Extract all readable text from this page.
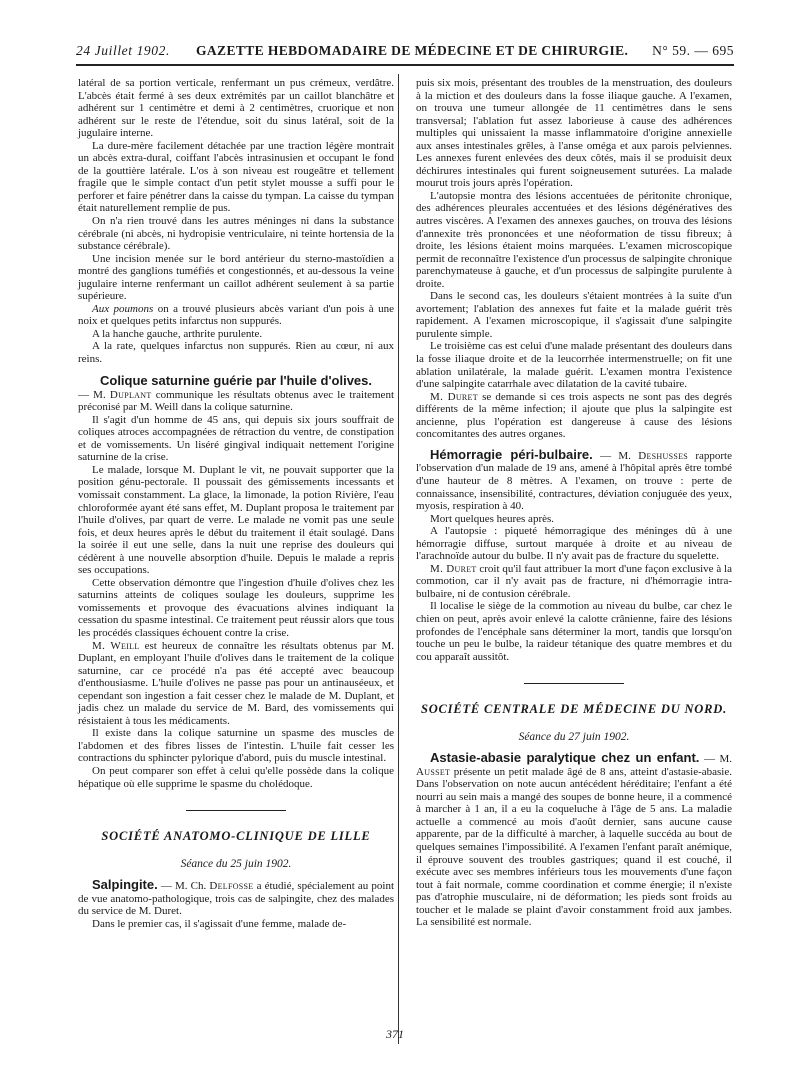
24 Juillet 1902. GAZETTE HEBDOMADAIRE DE MÉDECINE ET DE CHIRURGIE. N° 59. — 695

latéral de sa portion verticale, renfermant un pus crémeux, verdâtre. L'abcès était fermé à ses deux extrémités par un caillot blanchâtre et adhérent sur 1 centimètre et demi à 2 centimètres, cruorique et non adhérent sur le reste de l'étendue, soit du sinus latéral, soit de la jugulaire interne.

La dure-mère facilement détachée par une traction légère montrait un abcès extra-dural, coiffant l'abcès intrasinusien et occupant le fond de la gouttière latérale. L'os à son niveau est rougeâtre et tellement fragile que le simple contact d'un petit stylet mousse a suffi pour le perforer et faire pénétrer dans la caisse du tympan. La caisse du tympan était naturellement remplie de pus.

On n'a rien trouvé dans les autres méninges ni dans la substance cérébrale (ni abcès, ni hydropisie ventriculaire, ni teinte hortensia de la substance cérébrale).

Une incision menée sur le bord antérieur du sterno-mastoïdien a montré des ganglions tuméfiés et congestionnés, et au-dessous la veine jugulaire interne renfermant un caillot adhérent seulement à sa partie supérieure.

Aux poumons on a trouvé plusieurs abcès variant d'un pois à une noix et quelques petits infarctus non suppurés.

A la hanche gauche, arthrite purulente.

A la rate, quelques infarctus non suppurés. Rien au cœur, ni aux reins.

Colique saturnine guérie par l'huile d'olives.

— M. Duplant communique les résultats obtenus avec le traitement préconisé par M. Weill dans la colique saturnine.

Il s'agit d'un homme de 45 ans, qui depuis six jours souffrait de coliques atroces accompagnées de rétraction du ventre, de constipation et de vomissements. Un liséré gingival indiquait nettement l'origine saturnine de la crise.

Le malade, lorsque M. Duplant le vit, ne pouvait supporter que la position génu-pectorale. Il poussait des gémissements incessants et vomissait constamment. La glace, la limonade, la potion Rivière, l'eau chloroformée ayant été sans effet, M. Duplant proposa le traitement par l'huile d'olives, par quart de verre. Le malade ne vomit pas une seule fois, et deux heures après le début du traitement il était soulagé. Dans la soirée il eut une selle, dans la nuit une reprise des douleurs qui cédèrent à une nouvelle absorption d'huile. Depuis le malade a repris ses occupations.

Cette observation démontre que l'ingestion d'huile d'olives chez les saturnins atteints de coliques soulage les douleurs, supprime les vomissements et provoque des évacuations alvines indiquant la cessation du spasme intestinal. Ce traitement peut réussir alors que tous les procédés classiques échouent contre la crise.

M. Weill est heureux de connaître les résultats obtenus par M. Duplant, en employant l'huile d'olives dans le traitement de la colique saturnine, car ce procédé n'a pas été accepté avec beaucoup d'enthousiasme. L'huile d'olives ne passe pas pour un antinauséeux, et cependant son ingestion a fait cesser chez le malade de M. Duplant, et jadis chez un malade du service de M. Bard, des vomissements qui résistaient à tous les médicaments.

Il existe dans la colique saturnine un spasme des muscles de l'abdomen et des fibres lisses de l'intestin. L'huile fait cesser les contractions du sphincter pylorique d'abord, puis du muscle intestinal.

On peut comparer son effet à celui qu'elle possède dans la colique hépatique où elle supprime le spasme du cholédoque.

SOCIÉTÉ ANATOMO-CLINIQUE DE LILLE
Séance du 25 juin 1902.

Salpingite. — M. Ch. Delfosse a étudié, spécialement au point de vue anatomo-pathologique, trois cas de salpingite, chez des malades du service de M. Duret.

Dans le premier cas, il s'agissait d'une femme, malade de-

puis six mois, présentant des troubles de la menstruation, des douleurs à la miction et des douleurs dans la fosse iliaque gauche. A l'examen, on trouva une tumeur allongée de 11 centimètres dans le sens transversal; l'ablation fut assez laborieuse à cause des adhérences multiples qui unissaient la masse inflammatoire d'origine annexielle aux anses intestinales grêles, à l'anse oméga et aux parois pelviennes. Les annexes furent enlevées des deux côtés, mais il se produisit deux déchirures intestinales qui furent soigneusement suturées. La malade mourut trois jours après l'opération.

L'autopsie montra des lésions accentuées de péritonite chronique, des adhérences pleurales accentuées et des lésions dégénératives des autres viscères. A l'examen des annexes gauches, on trouva des lésions d'annexite très prononcées et une néoformation de tissu fibreux; à droite, les lésions étaient moins marquées. L'examen microscopique permit de reconnaître l'existence d'un processus de salpingite chronique parenchymateuse à gauche, et d'un processus de salpingite purulente à droite.

Dans le second cas, les douleurs s'étaient montrées à la suite d'un avortement; l'ablation des annexes fut faite et la malade guérit très rapidement. A l'examen microscopique, il s'agissait d'une salpingite purulente simple.

Le troisième cas est celui d'une malade présentant des douleurs dans la fosse iliaque droite et de la leucorrhée intermenstruelle; on fit une ablation unilatérale, la malade guérit. L'examen montra l'existence d'une salpingite catarrhale avec dilatation de la cavité tubaire.

M. Duret se demande si ces trois aspects ne sont pas des degrés différents de la même infection; il ajoute que plus la salpingite est ancienne, plus l'opération est dangereuse à cause des lésions concomitantes des autres organes.

Hémorragie péri-bulbaire. — M. Deshusses rapporte l'observation d'un malade de 19 ans, amené à l'hôpital après être tombé d'une hauteur de 8 mètres. A l'examen, on trouve : perte de connaissance, insensibilité, contractures, déviation conjuguée des yeux, myosis, respiration à 40.

Mort quelques heures après.

A l'autopsie : piqueté hémorragique des méninges dû à une hémorragie diffuse, surtout marquée à droite et au niveau de l'arachnoïde autour du bulbe. Il n'y avait pas de fracture du squelette.

M. Duret croit qu'il faut attribuer la mort d'une façon exclusive à la commotion, car il n'y avait pas de fracture, ni d'hémorragie intra-bulbaire, ni de contusion cérébrale.

Il localise le siège de la commotion au niveau du bulbe, car chez le chien on peut, après avoir enlevé la calotte crânienne, faire des lésions profondes de l'encéphale sans déterminer la mort, tandis que lorsqu'on touche un peu le bulbe, la raideur tétanique des quatre membres et du cou apparaît aussitôt.

SOCIÉTÉ CENTRALE DE MÉDECINE DU NORD.
Séance du 27 juin 1902.

Astasie-abasie paralytique chez un enfant. — M. Ausset présente un petit malade âgé de 8 ans, atteint d'astasie-abasie. Dans l'observation on note aucun antécédent héréditaire; l'enfant a été nourri au sein mais a mangé des soupes de bonne heure, il a commencé à marcher à 1 an, il a eu la coqueluche à l'âge de 5 ans. La maladie actuelle a commencé au mois d'août dernier, sans aucune cause apparente, par de la difficulté à marcher, à laquelle succéda au bout de quelques semaines l'impossibilité. A l'examen l'enfant paraît anémique, il éprouve souvent des troubles gastriques; quand il est couché, il exécute avec ses membres inférieurs tous les mouvements d'une façon tout à fait normale, comme coordination et comme énergie; il n'existe pas d'atrophie musculaire, ni de déformation; les pieds sont froids au toucher et le malade se plaint d'avoir constamment froid aux jambes. La sensibilité est normale.

371
